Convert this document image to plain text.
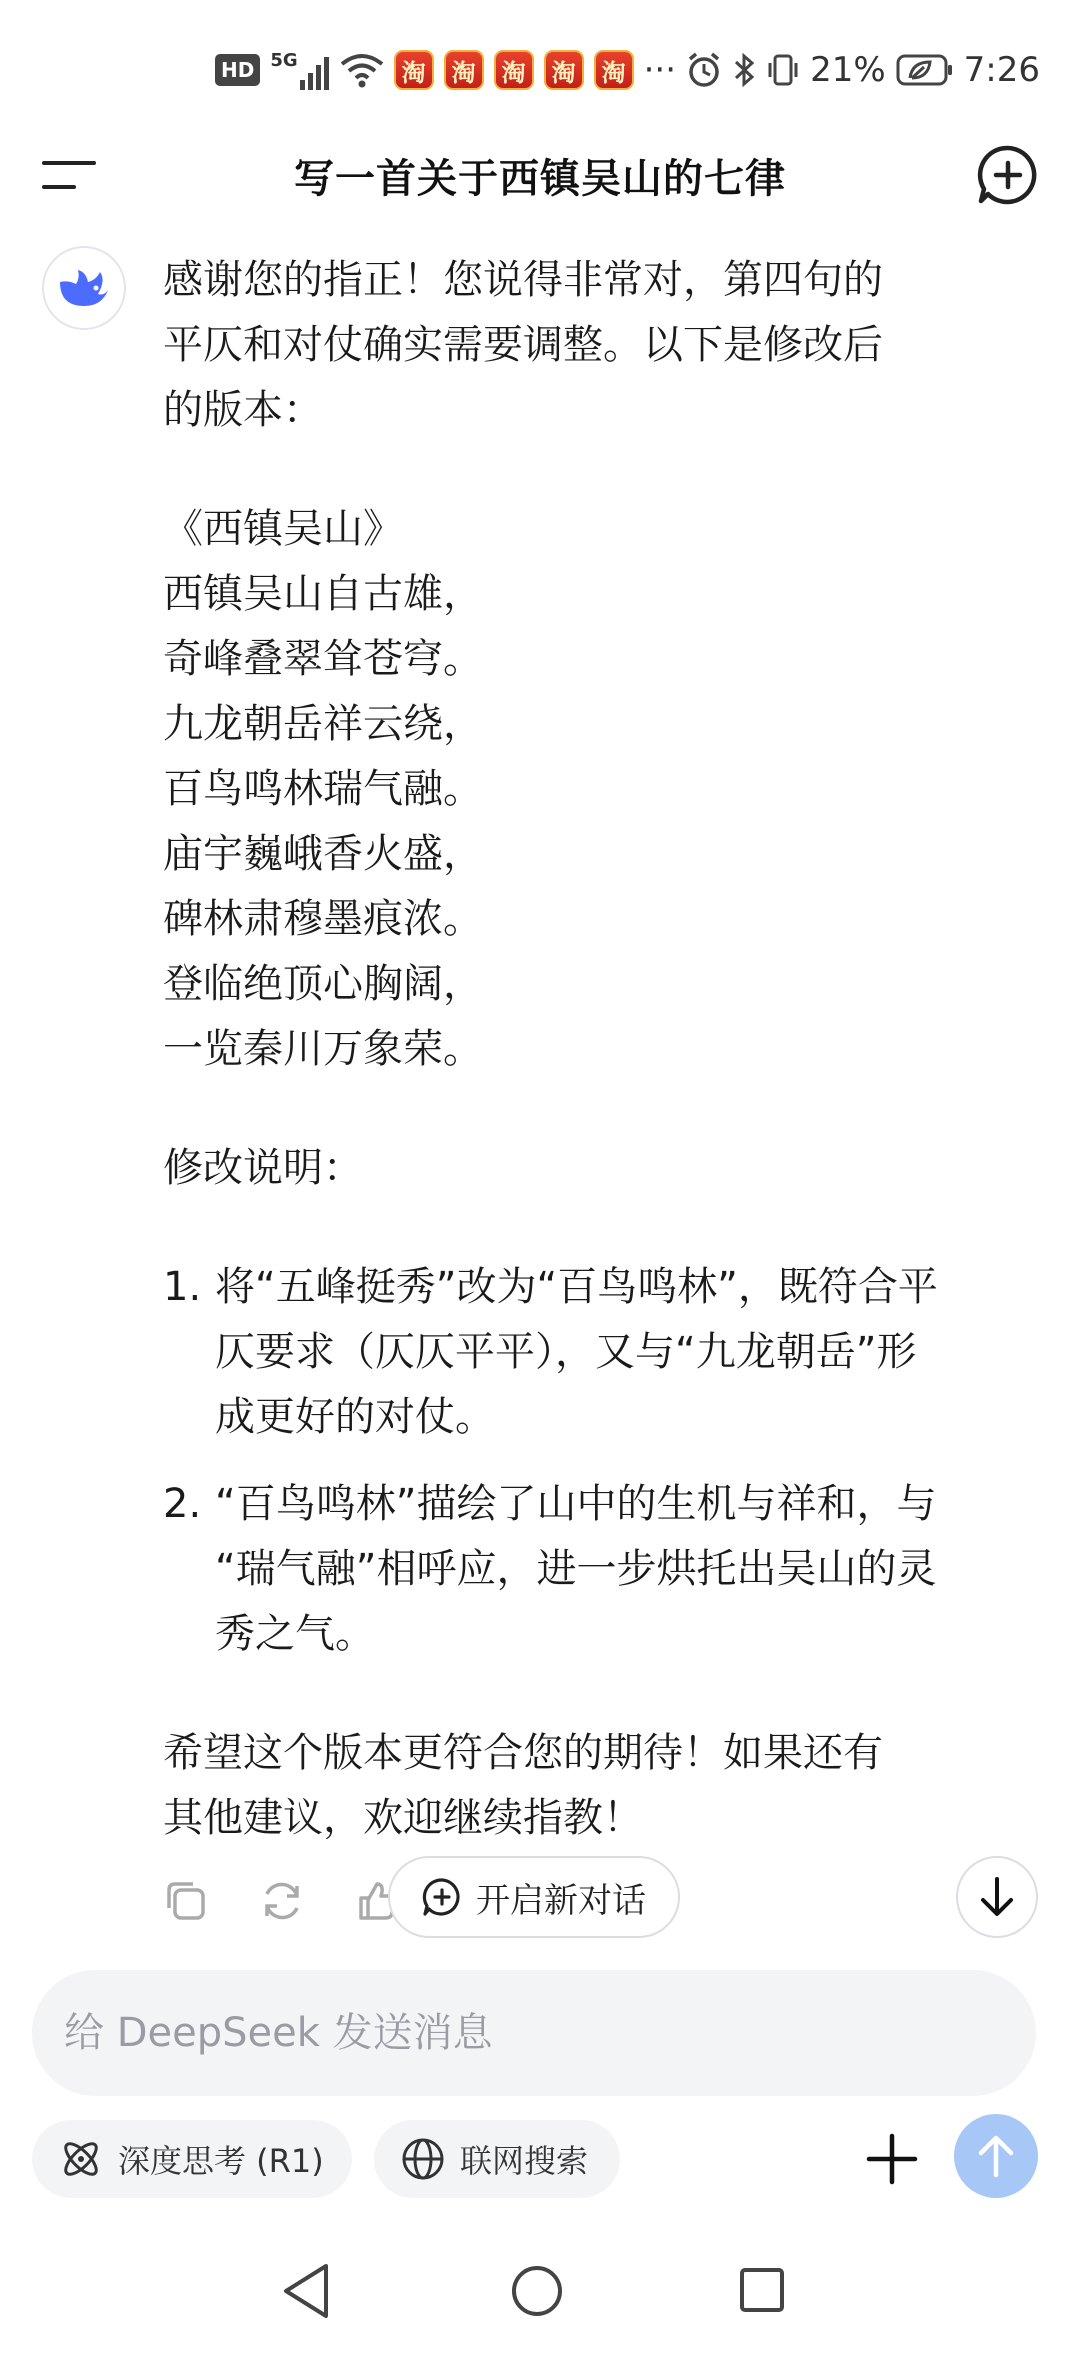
HD 5G	淘	淘	淘	淘	淘 ···	21% 7:26
写一首关于西镇吴山的七律

感谢您的指正！您说得非常对，第四句的

平仄和对仗确实需要调整。以下是修改后

的版本：

《西镇吴山》

西镇吴山自古雄，

奇峰叠翠耸苍穹。

九龙朝岳祥云绕，

百鸟鸣林瑞气融。

庙宇巍峨香火盛，

碑林肃穆墨痕浓。

登临绝顶心胸阔，

一览秦川万象荣。

修改说明：

1. 将“五峰挺秀”改为“百鸟鸣林”，既符合平

仄要求（仄仄平平），又与“九龙朝岳”形

成更好的对仗。

2. “百鸟鸣林”描绘了山中的生机与祥和，与

“瑞气融”相呼应，进一步烘托出吴山的灵

秀之气。

希望这个版本更符合您的期待！如果还有

其他建议，欢迎继续指教！

开启新对话
给 DeepSeek 发送消息
深度思考 (R1)	联网搜索
